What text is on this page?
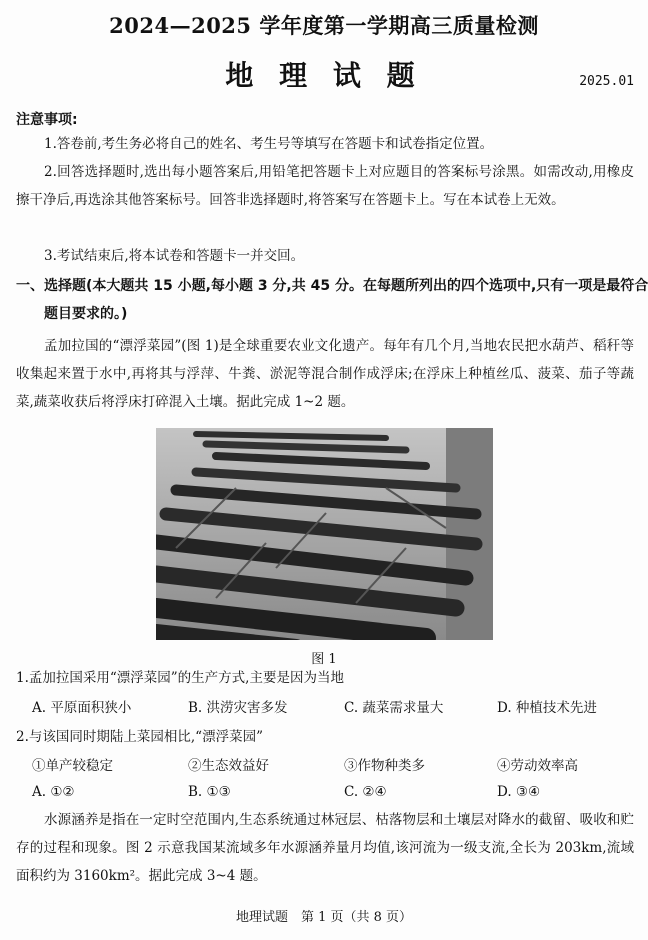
2024—2025 学年度第一学期高三质量检测
地 理 试 题	2025.01
注意事项:
1.答卷前,考生务必将自己的姓名、考生号等填写在答题卡和试卷指定位置。
2.回答选择题时,选出每小题答案后,用铅笔把答题卡上对应题目的答案标号涂黑。如需改动,用橡皮擦干净后,再选涂其他答案标号。回答非选择题时,将答案写在答题卡上。写在本试卷上无效。
3.考试结束后,将本试卷和答题卡一并交回。
一、选择题(本大题共 15 小题,每小题 3 分,共 45 分。在每题所列出的四个选项中,只有一项是最符合题目要求的。)
孟加拉国的“漂浮菜园”(图 1)是全球重要农业文化遗产。每年有几个月,当地农民把水葫芦、稻秆等收集起来置于水中,再将其与浮萍、牛粪、淤泥等混合制作成浮床;在浮床上种植丝瓜、菠菜、茄子等蔬菜,蔬菜收获后将浮床打碎混入土壤。据此完成 1~2 题。
图 1
1.孟加拉国采用“漂浮菜园”的生产方式,主要是因为当地
A. 平原面积狭小	B. 洪涝灾害多发	C. 蔬菜需求量大	D. 种植技术先进
2.与该国同时期陆上菜园相比,“漂浮菜园”
①单产较稳定	②生态效益好	③作物种类多	④劳动效率高
A. ①②	B. ①③	C. ②④	D. ③④
水源涵养是指在一定时空范围内,生态系统通过林冠层、枯落物层和土壤层对降水的截留、吸收和贮存的过程和现象。图 2 示意我国某流域多年水源涵养量月均值,该河流为一级支流,全长为 203km,流域面积约为 3160km²。据此完成 3~4 题。
地理试题　第 1 页（共 8 页）
